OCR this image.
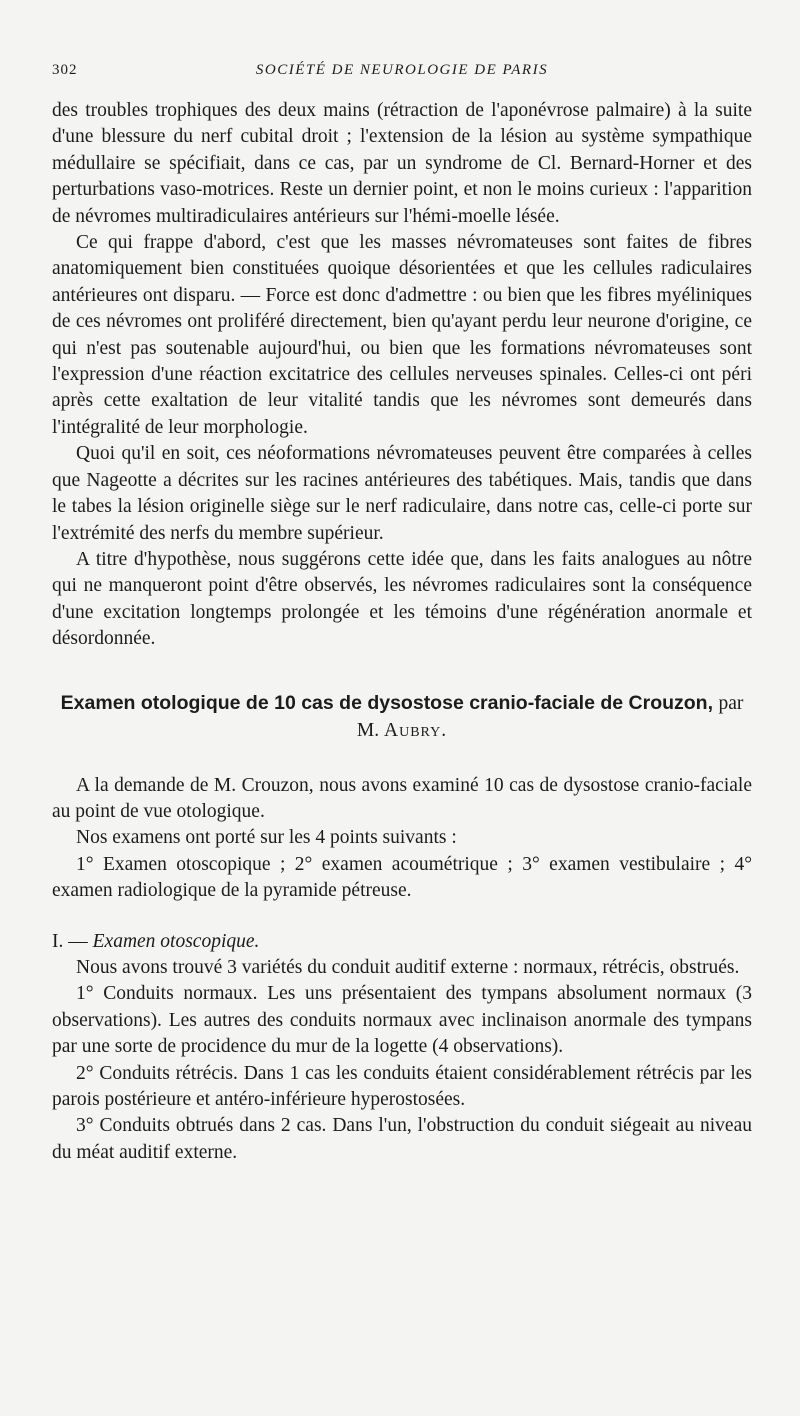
302	SOCIÉTÉ DE NEUROLOGIE DE PARIS

des troubles trophiques des deux mains (rétraction de l'aponévrose palmaire) à la suite d'une blessure du nerf cubital droit ; l'extension de la lésion au système sympathique médullaire se spécifiait, dans ce cas, par un syndrome de Cl. Bernard-Horner et des perturbations vaso-motrices. Reste un dernier point, et non le moins curieux : l'apparition de névromes multiradiculaires antérieurs sur l'hémi-moelle lésée.

Ce qui frappe d'abord, c'est que les masses névromateuses sont faites de fibres anatomiquement bien constituées quoique désorientées et que les cellules radiculaires antérieures ont disparu. — Force est donc d'admettre : ou bien que les fibres myéliniques de ces névromes ont proliféré directement, bien qu'ayant perdu leur neurone d'origine, ce qui n'est pas soutenable aujourd'hui, ou bien que les formations névromateuses sont l'expression d'une réaction excitatrice des cellules nerveuses spinales. Celles-ci ont péri après cette exaltation de leur vitalité tandis que les névromes sont demeurés dans l'intégralité de leur morphologie.

Quoi qu'il en soit, ces néoformations névromateuses peuvent être comparées à celles que Nageotte a décrites sur les racines antérieures des tabétiques. Mais, tandis que dans le tabes la lésion originelle siège sur le nerf radiculaire, dans notre cas, celle-ci porte sur l'extrémité des nerfs du membre supérieur.

A titre d'hypothèse, nous suggérons cette idée que, dans les faits analogues au nôtre qui ne manqueront point d'être observés, les névromes radiculaires sont la conséquence d'une excitation longtemps prolongée et les témoins d'une régénération anormale et désordonnée.

Examen otologique de 10 cas de dysostose cranio-faciale de Crouzon, par M. Aubry.

A la demande de M. Crouzon, nous avons examiné 10 cas de dysostose cranio-faciale au point de vue otologique.

Nos examens ont porté sur les 4 points suivants :

1° Examen otoscopique ; 2° examen acoumétrique ; 3° examen vestibulaire ; 4° examen radiologique de la pyramide pétreuse.

I. — Examen otoscopique.

Nous avons trouvé 3 variétés du conduit auditif externe : normaux, rétrécis, obstrués.

1° Conduits normaux. Les uns présentaient des tympans absolument normaux (3 observations). Les autres des conduits normaux avec inclinaison anormale des tympans par une sorte de procidence du mur de la logette (4 observations).

2° Conduits rétrécis. Dans 1 cas les conduits étaient considérablement rétrécis par les parois postérieure et antéro-inférieure hyperostosées.

3° Conduits obtrués dans 2 cas. Dans l'un, l'obstruction du conduit siégeait au niveau du méat auditif externe.
